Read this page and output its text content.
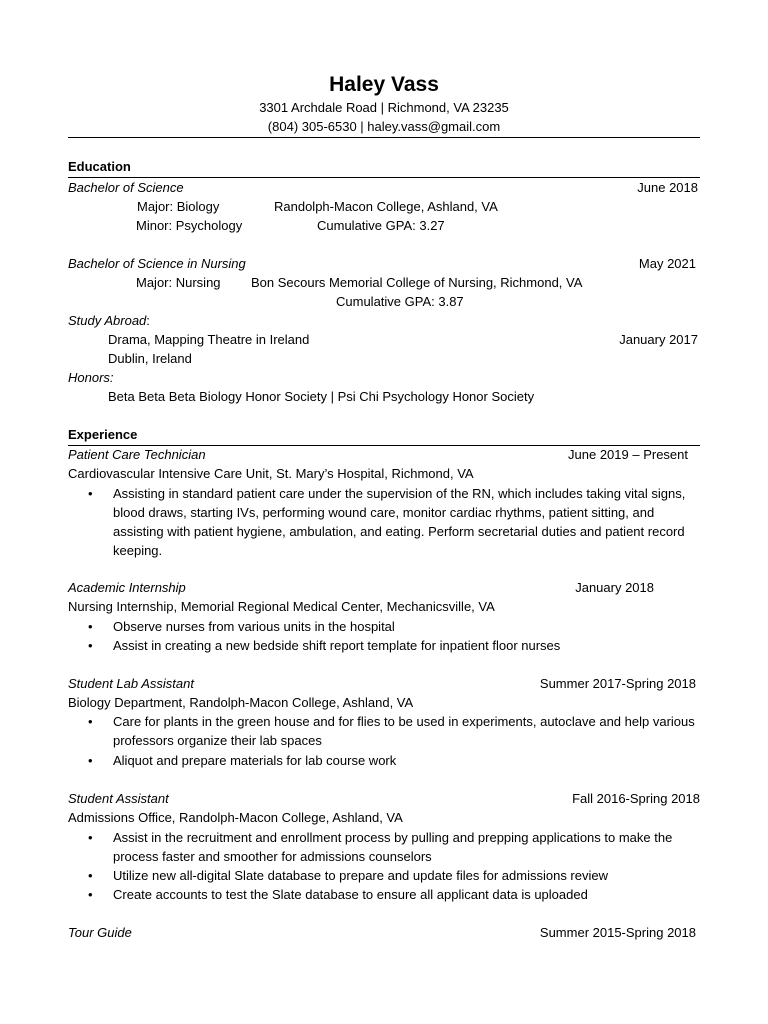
Haley Vass
3301 Archdale Road | Richmond, VA 23235
(804) 305-6530 | haley.vass@gmail.com
Education
Bachelor of Science	June 2018
Major: Biology	Randolph-Macon College, Ashland, VA
Minor: Psychology	Cumulative GPA: 3.27
Bachelor of Science in Nursing	May 2021
Major: Nursing Bon Secours Memorial College of Nursing, Richmond, VA
Cumulative GPA: 3.87
Study Abroad:
Drama, Mapping Theatre in Ireland	January 2017
Dublin, Ireland
Honors:
Beta Beta Beta Biology Honor Society | Psi Chi Psychology Honor Society
Experience
Patient Care Technician	June 2019 – Present
Cardiovascular Intensive Care Unit, St. Mary’s Hospital, Richmond, VA
• Assisting in standard patient care under the supervision of the RN, which includes taking vital signs, blood draws, starting IVs, performing wound care, monitor cardiac rhythms, patient sitting, and assisting with patient hygiene, ambulation, and eating. Perform secretarial duties and patient record keeping.
Academic Internship	January 2018
Nursing Internship, Memorial Regional Medical Center, Mechanicsville, VA
• Observe nurses from various units in the hospital
• Assist in creating a new bedside shift report template for inpatient floor nurses
Student Lab Assistant	Summer 2017-Spring 2018
Biology Department, Randolph-Macon College, Ashland, VA
• Care for plants in the green house and for flies to be used in experiments, autoclave and help various professors organize their lab spaces
• Aliquot and prepare materials for lab course work
Student Assistant	Fall 2016-Spring 2018
Admissions Office, Randolph-Macon College, Ashland, VA
• Assist in the recruitment and enrollment process by pulling and prepping applications to make the process faster and smoother for admissions counselors
• Utilize new all-digital Slate database to prepare and update files for admissions review
• Create accounts to test the Slate database to ensure all applicant data is uploaded
Tour Guide	Summer 2015-Spring 2018
